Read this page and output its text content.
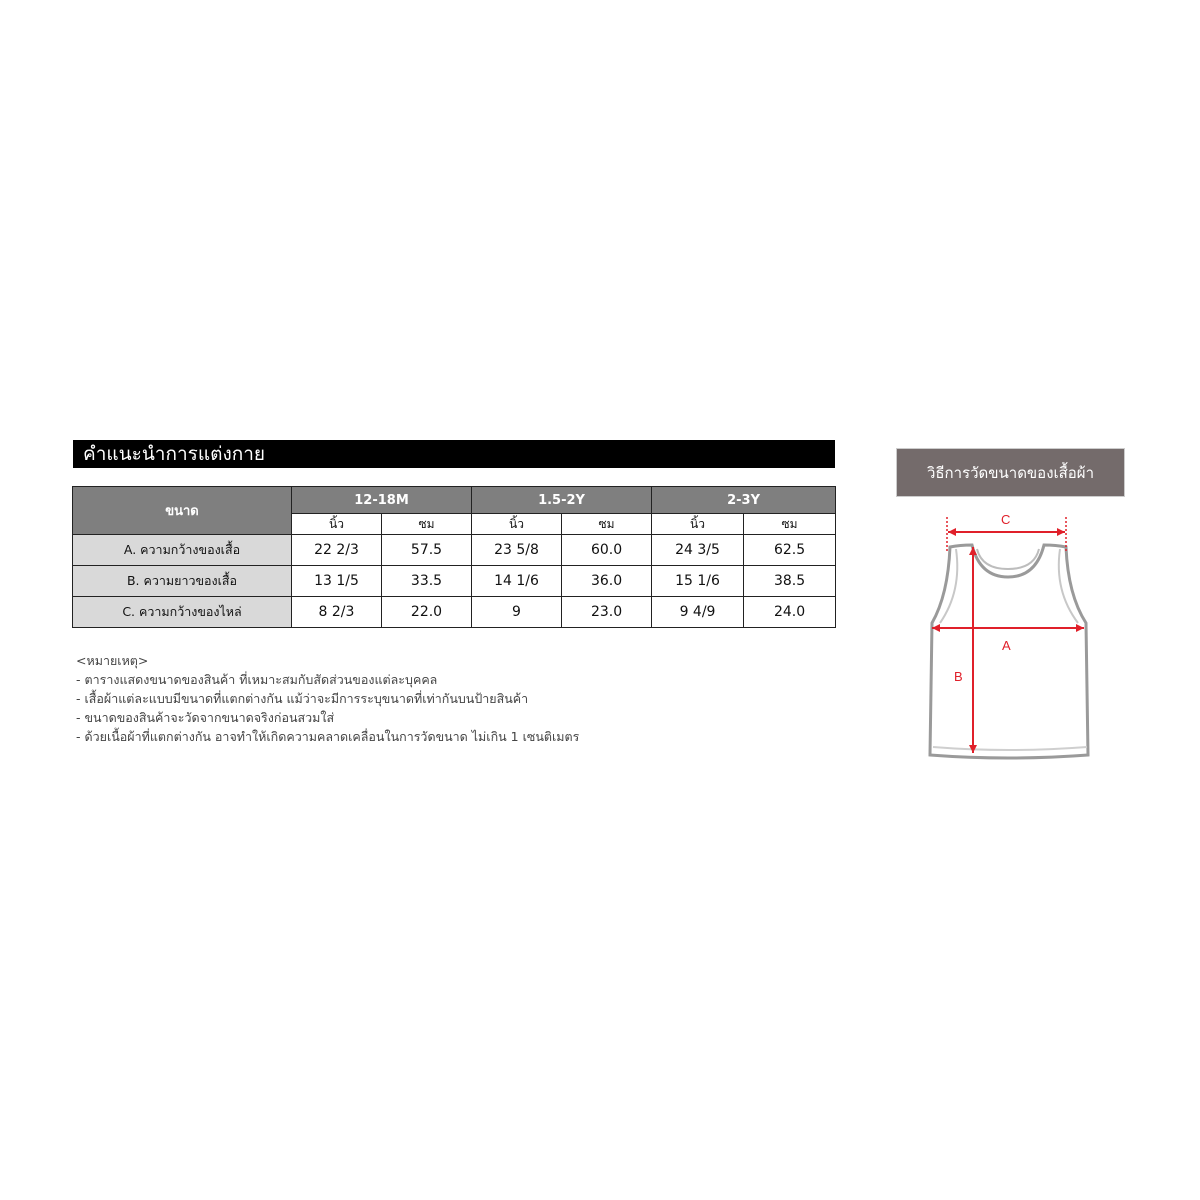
คำแนะนำการแต่งกาย
ขนาด	12-18M		1.5-2Y		2-3Y	
	นิ้ว	ซม	นิ้ว	ซม	นิ้ว	ซม
A. ความกว้างของเสื้อ	22 2/3	57.5	23 5/8	60.0	24 3/5	62.5
B. ความยาวของเสื้อ	13 1/5	33.5	14 1/6	36.0	15 1/6	38.5
C. ความกว้างของไหล่	8 2/3	22.0	9	23.0	9 4/9	24.0
<หมายเหตุ>
- ตารางแสดงขนาดของสินค้า ที่เหมาะสมกับสัดส่วนของแต่ละบุคคล
- เสื้อผ้าแต่ละแบบมีขนาดที่แตกต่างกัน แม้ว่าจะมีการระบุขนาดที่เท่ากันบนป้ายสินค้า
- ขนาดของสินค้าจะวัดจากขนาดจริงก่อนสวมใส่
- ด้วยเนื้อผ้าที่แตกต่างกัน อาจทำให้เกิดความคลาดเคลื่อนในการวัดขนาด ไม่เกิน 1 เซนติเมตร
วิธีการวัดขนาดของเสื้อผ้า
C
A
B
